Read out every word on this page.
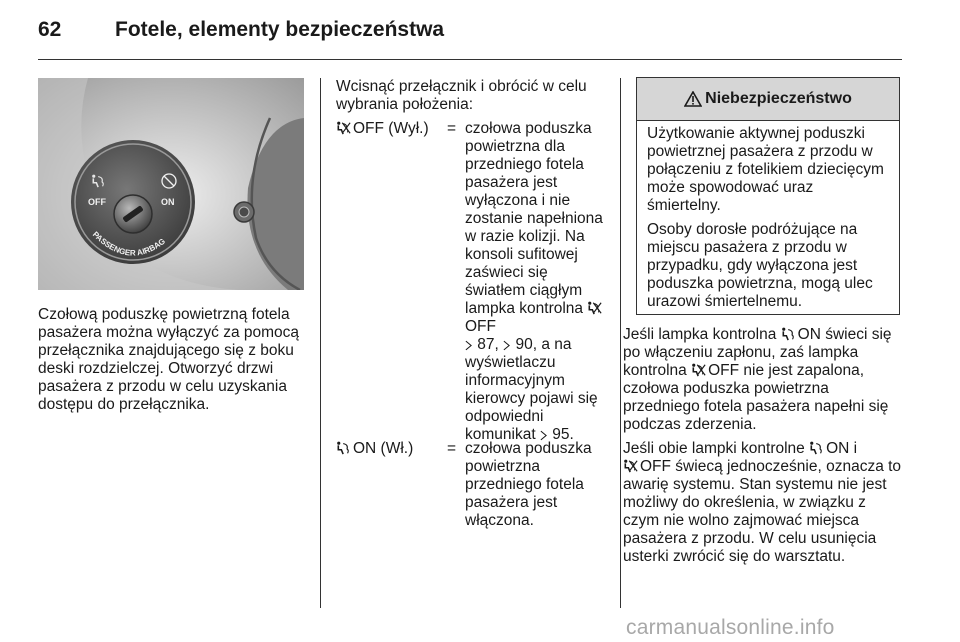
62	Fotele, elementy bezpieczeństwa
OFF	ON
PASSENGER AIRBAG

Czołową poduszkę powietrzną fotela pasażera można wyłączyć za pomocą przełącznika znajdującego się z boku deski rozdzielczej. Otworzyć drzwi pasażera z przodu w celu uzyskania dostępu do przełącznika.

Wcisnąć przełącznik i obrócić w celu wybrania położenia:

OFF (Wył.) = czołowa poduszka powietrzna dla przedniego fotela pasażera jest wyłączona i nie zostanie napełniona w razie kolizji. Na konsoli sufitowej zaświeci się światłem ciągłym lampka kontrolna OFF
87,  90, a na wyświetlaczu informacyjnym kierowcy pojawi się odpowiedni komunikat  95.

ON (Wł.) = czołowa poduszka powietrzna przedniego fotela pasażera jest włączona.

Niebezpieczeństwo

Użytkowanie aktywnej poduszki powietrznej pasażera z przodu w połączeniu z fotelikiem dziecięcym może spowodować uraz śmiertelny.

Osoby dorosłe podróżujące na miejscu pasażera z przodu w przypadku, gdy wyłączona jest poduszka powietrzna, mogą ulec urazowi śmiertelnemu.

Jeśli lampka kontrolna ON świeci się po włączeniu zapłonu, zaś lampka kontrolna OFF nie jest zapalona, czołowa poduszka powietrzna przedniego fotela pasażera napełni się podczas zderzenia.

Jeśli obie lampki kontrolne ON i
OFF świecą jednocześnie, oznacza to awarię systemu. Stan systemu nie jest możliwy do określenia, w związku z czym nie wolno zajmować miejsca pasażera z przodu. W celu usunięcia usterki zwrócić się do warsztatu.

carmanualsonline.info
